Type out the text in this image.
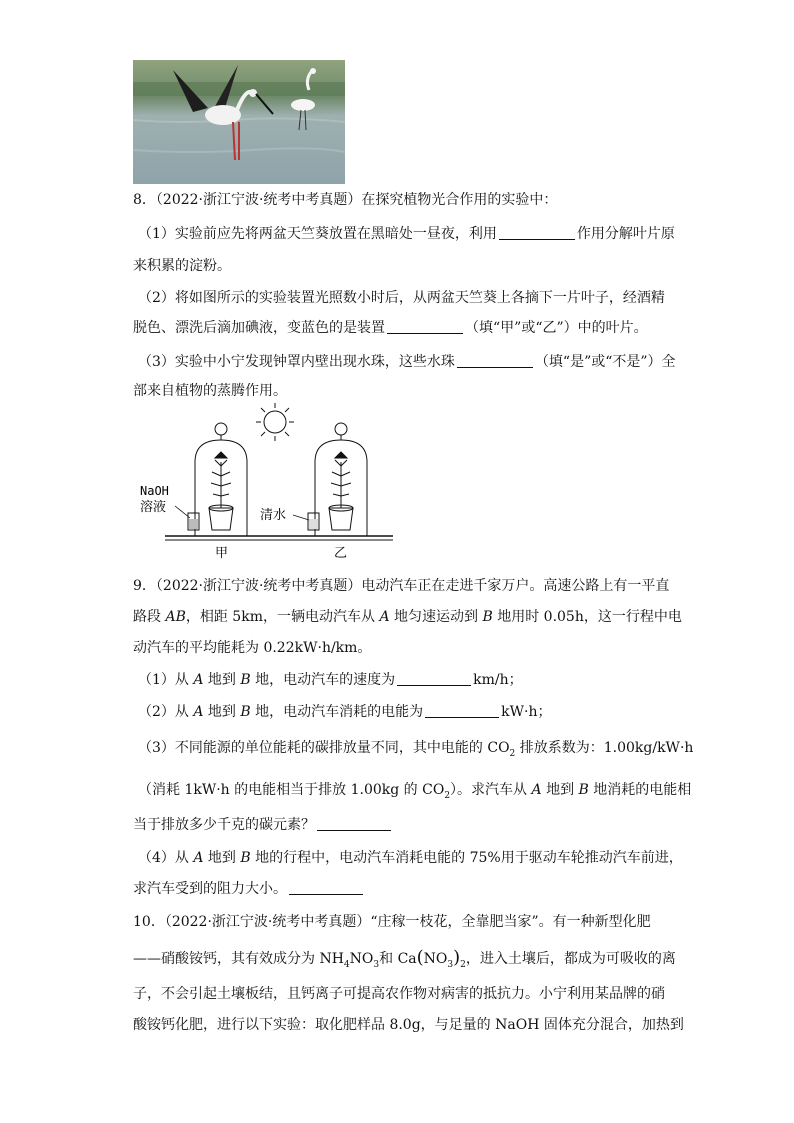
8．（2022·浙江宁波·统考中考真题）在探究植物光合作用的实验中：
（1）实验前应先将两盆天竺葵放置在黑暗处一昼夜，利用	作用分解叶片原
来积累的淀粉。
（2）将如图所示的实验装置光照数小时后，从两盆天竺葵上各摘下一片叶子，经酒精
脱色、漂洗后滴加碘液，变蓝色的是装置	（填“甲”或“乙”）中的叶片。
（3）实验中小宁发现钟罩内壁出现水珠，这些水珠	（填“是”或“不是”）全
部来自植物的蒸腾作用。
NaOH
溶液
清水
甲	乙
9．（2022·浙江宁波·统考中考真题）电动汽车正在走进千家万户。高速公路上有一平直
路段 AB，相距 5km，一辆电动汽车从 A 地匀速运动到 B 地用时 0.05h，这一行程中电
动汽车的平均能耗为 0.22kW·h/km。
（1）从 A 地到 B 地，电动汽车的速度为	km/h；
（2）从 A 地到 B 地，电动汽车消耗的电能为	kW·h；
（3）不同能源的单位能耗的碳排放量不同，其中电能的 $CO_2$ 排放系数为：1.00kg/kW·h
（消耗 1kW·h 的电能相当于排放 1.00kg 的 $CO_2$）。求汽车从 A 地到 B 地消耗的电能相
当于排放多少千克的碳元素？
（4）从 A 地到 B 地的行程中，电动汽车消耗电能的 75%用于驱动车轮推动汽车前进，
求汽车受到的阻力大小。
10．（2022·浙江宁波·统考中考真题）“庄稼一枝花，全靠肥当家”。有一种新型化肥
——硝酸铵钙，其有效成分为 $NH_4NO_3$和 $Ca(NO_3)_2$，进入土壤后，都成为可吸收的离
子，不会引起土壤板结，且钙离子可提高农作物对病害的抵抗力。小宁利用某品牌的硝
酸铵钙化肥，进行以下实验：取化肥样品 8.0g，与足量的 NaOH 固体充分混合，加热到
